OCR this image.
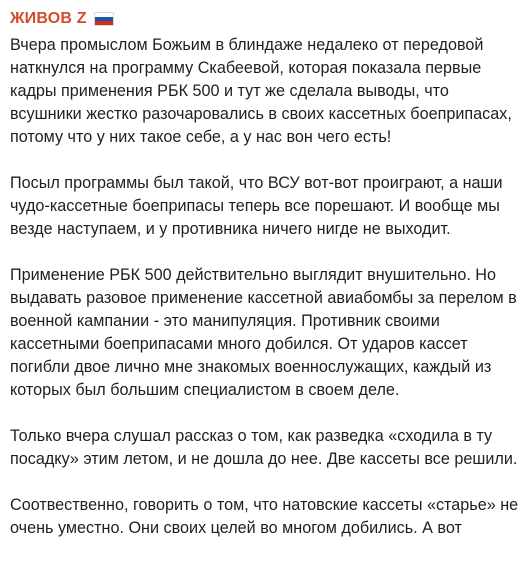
ЖИВОВ Z

Вчера промыслом Божьим в блиндаже недалеко от передовой наткнулся на программу Скабеевой, которая показала первые кадры применения РБК 500 и тут же сделала выводы, что всушники жестко разочаровались в своих кассетных боеприпасах, потому что у них такое себе, а у нас вон чего есть!

Посыл программы был такой, что ВСУ вот-вот проиграют, а наши чудо-кассетные боеприпасы теперь все порешают. И вообще мы везде наступаем, и у противника ничего нигде не выходит.

Применение РБК 500 действительно выглядит внушительно. Но выдавать разовое применение кассетной авиабомбы за перелом в военной кампании - это манипуляция. Противник своими кассетными боеприпасами много добился. От ударов кассет погибли двое лично мне знакомых военнослужащих, каждый из которых был большим специалистом в своем деле.

Только вчера слушал рассказ о том, как разведка «сходила в ту посадку» этим летом, и не дошла до нее. Две кассеты все решили.

Соотвественно, говорить о том, что натовские кассеты «старье» не очень уместно. Они своих целей во многом добились. А вот
